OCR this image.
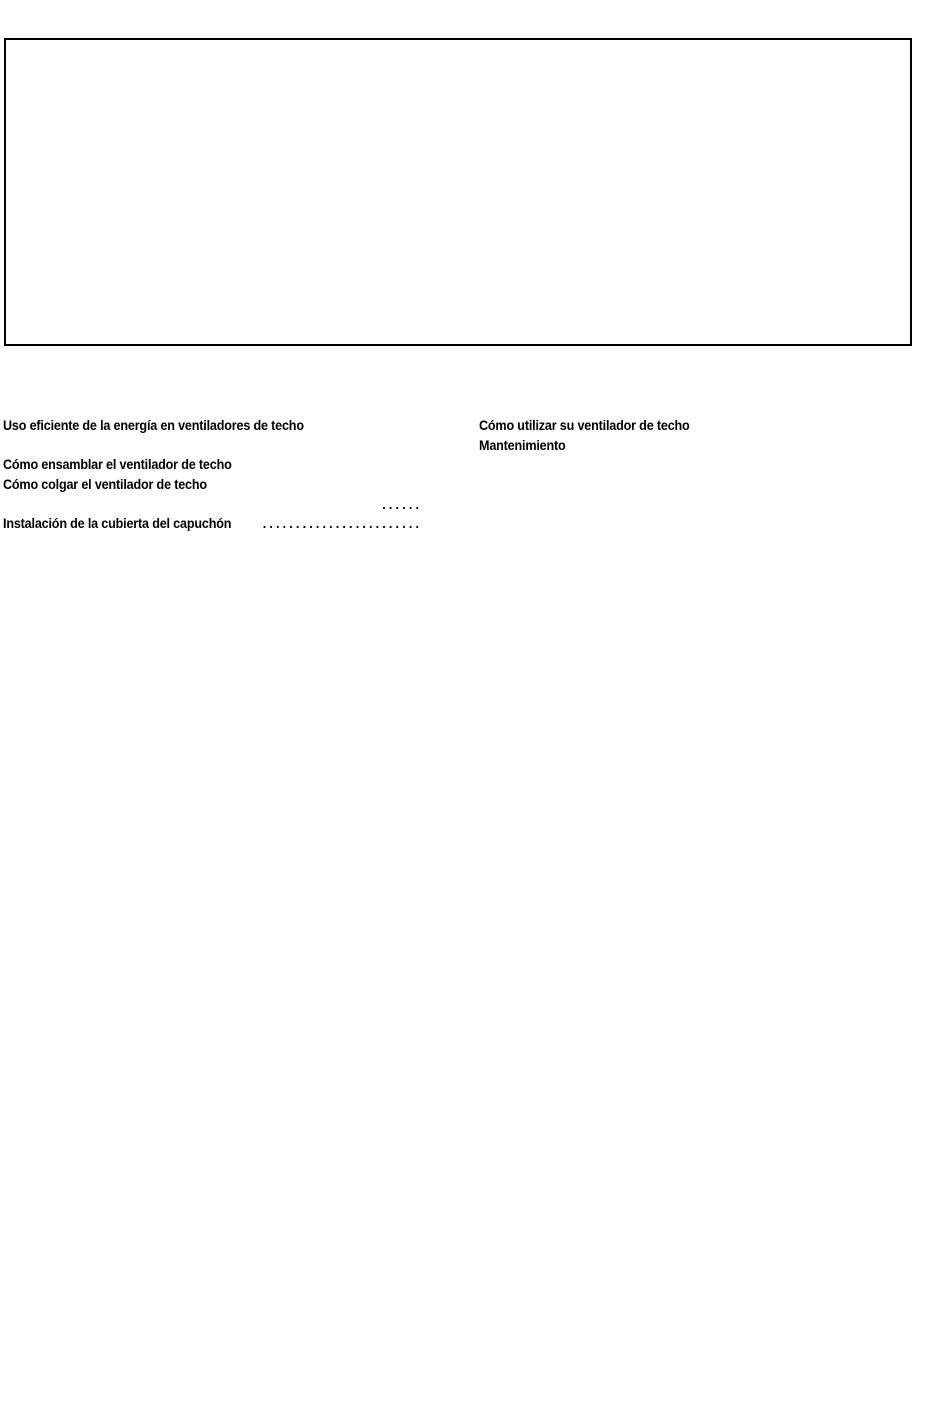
Uso eficiente de la energía en ventiladores de techo
Cómo ensamblar el ventilador de techo
Cómo colgar el ventilador de techo
. . . . . .
Instalación de la cubierta del capuchón	. . . . . . . . . . . . . . . . . . . . . . . .
Cómo utilizar su ventilador de techo
Mantenimiento
